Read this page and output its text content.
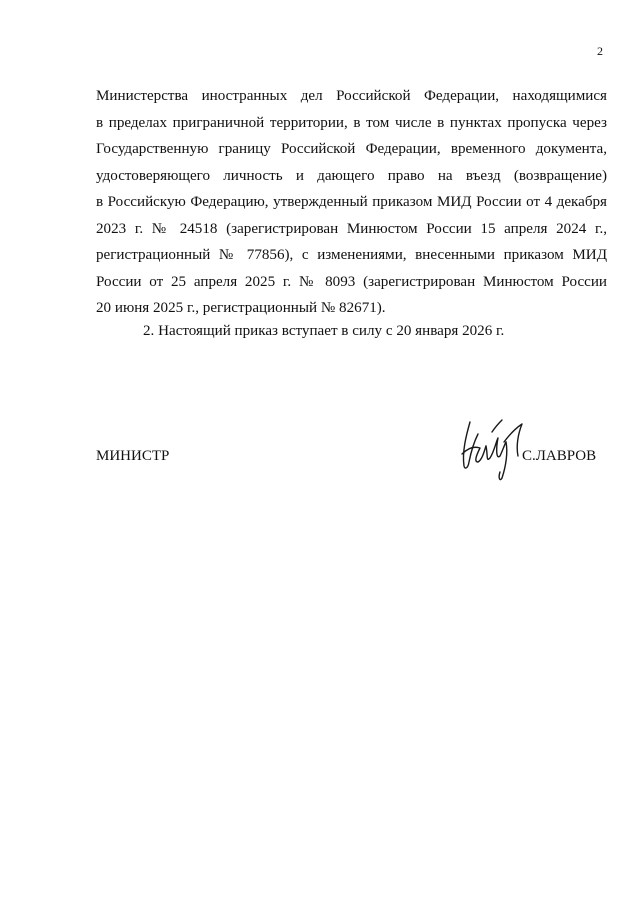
2
Министерства иностранных дел Российской Федерации, находящимися
в пределах приграничной территории, в том числе в пунктах пропуска через
Государственную границу Российской Федерации, временного документа,
удостоверяющего личность и дающего право на въезд (возвращение)
в Российскую Федерацию, утвержденный приказом МИД России от 4 декабря
2023 г. № 24518 (зарегистрирован Минюстом России 15 апреля 2024 г.,
регистрационный № 77856), с изменениями, внесенными приказом МИД
России от 25 апреля 2025 г. № 8093 (зарегистрирован Минюстом России
20 июня 2025 г., регистрационный № 82671).
2. Настоящий приказ вступает в силу с 20 января 2026 г.
МИНИСТР	С.ЛАВРОВ
